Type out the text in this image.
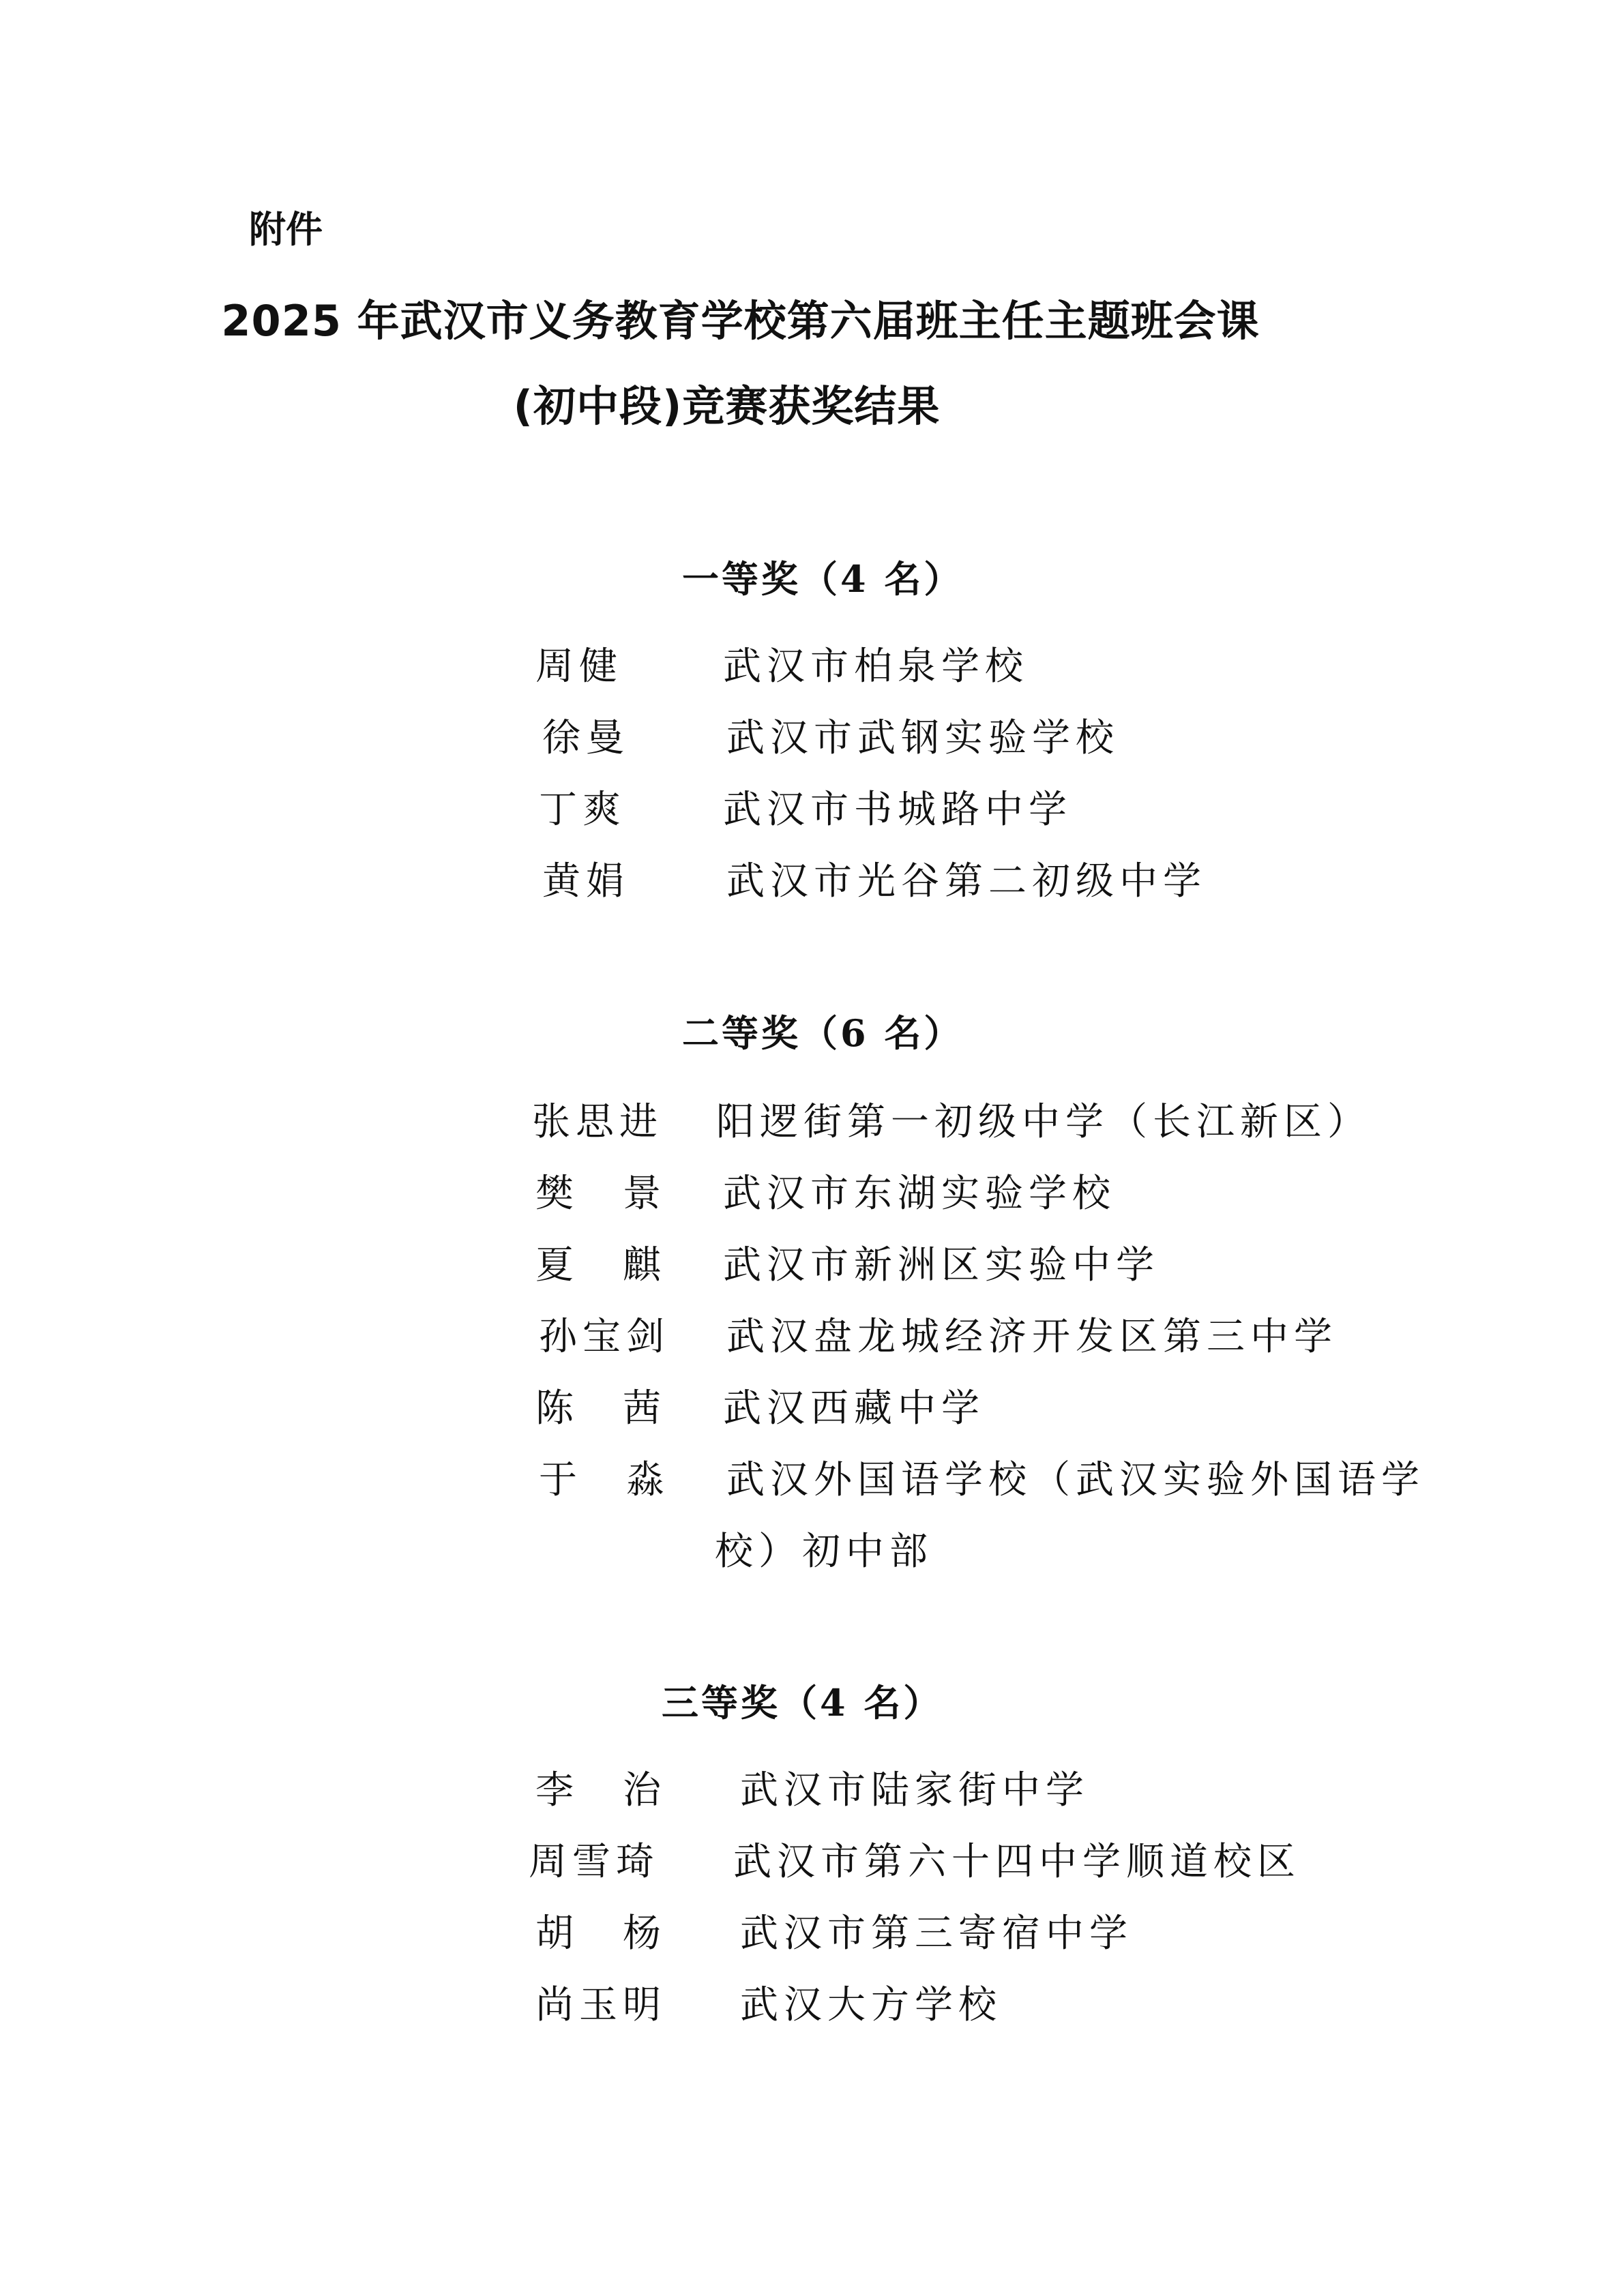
附件
2025 年武汉市义务教育学校第六届班主任主题班会课
(初中段)竞赛获奖结果
一等奖（4 名）
周健	武汉市柏泉学校
徐曼	武汉市武钢实验学校
丁爽	武汉市书城路中学
黄娟	武汉市光谷第二初级中学
二等奖（6 名）
张思进 阳逻街第一初级中学（长江新区）
樊　景 武汉市东湖实验学校
夏　麒 武汉市新洲区实验中学
孙宝剑 武汉盘龙城经济开发区第三中学
陈　茜 武汉西藏中学
于　淼 武汉外国语学校（武汉实验外国语学
校）初中部
三等奖（4 名）
李　治 武汉市陆家街中学
周雪琦 武汉市第六十四中学顺道校区
胡　杨 武汉市第三寄宿中学
尚玉明 武汉大方学校
